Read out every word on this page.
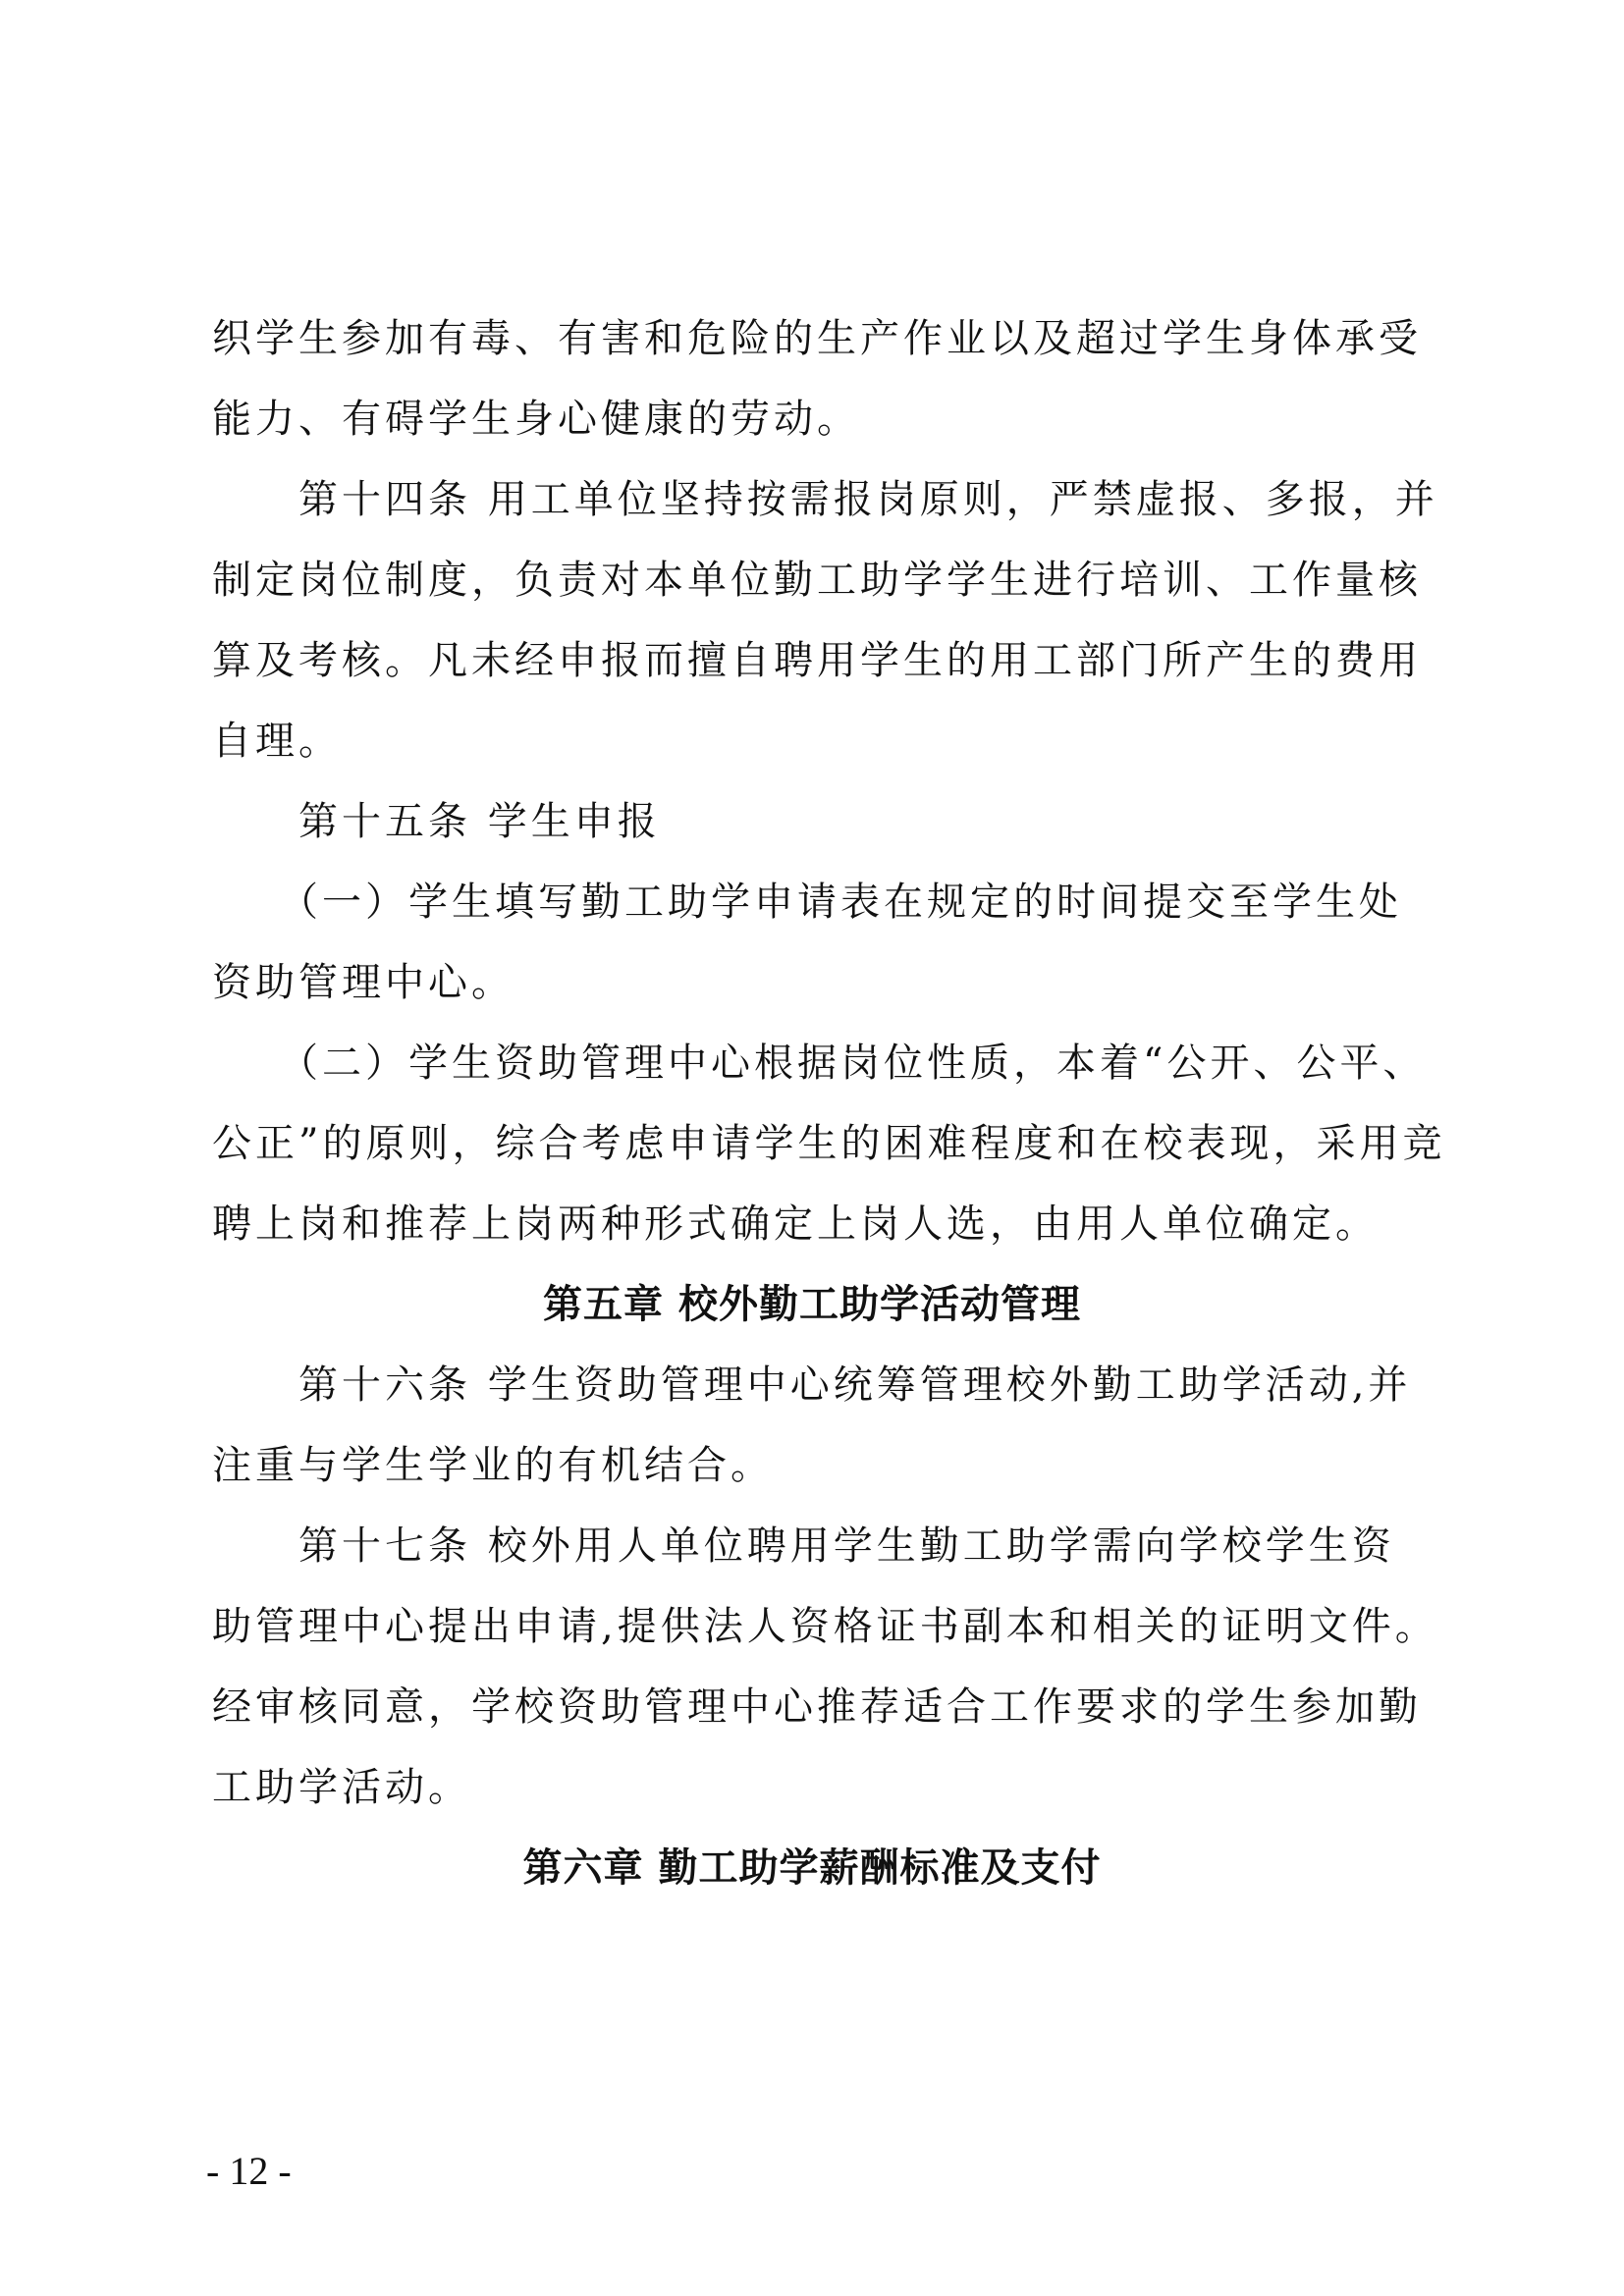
织学生参加有毒、有害和危险的生产作业以及超过学生身体承受
能力、有碍学生身心健康的劳动。
　　第十四条 用工单位坚持按需报岗原则，严禁虚报、多报，并
制定岗位制度，负责对本单位勤工助学学生进行培训、工作量核
算及考核。凡未经申报而擅自聘用学生的用工部门所产生的费用
自理。
　　第十五条 学生申报
　　（一）学生填写勤工助学申请表在规定的时间提交至学生处
资助管理中心。
　　（二）学生资助管理中心根据岗位性质，本着“公开、公平、
公正”的原则，综合考虑申请学生的困难程度和在校表现，采用竞
聘上岗和推荐上岗两种形式确定上岗人选，由用人单位确定。
第五章 校外勤工助学活动管理
　　第十六条 学生资助管理中心统筹管理校外勤工助学活动,并
注重与学生学业的有机结合。
　　第十七条 校外用人单位聘用学生勤工助学需向学校学生资
助管理中心提出申请,提供法人资格证书副本和相关的证明文件。
经审核同意，学校资助管理中心推荐适合工作要求的学生参加勤
工助学活动。
第六章 勤工助学薪酬标准及支付
- 12 -
